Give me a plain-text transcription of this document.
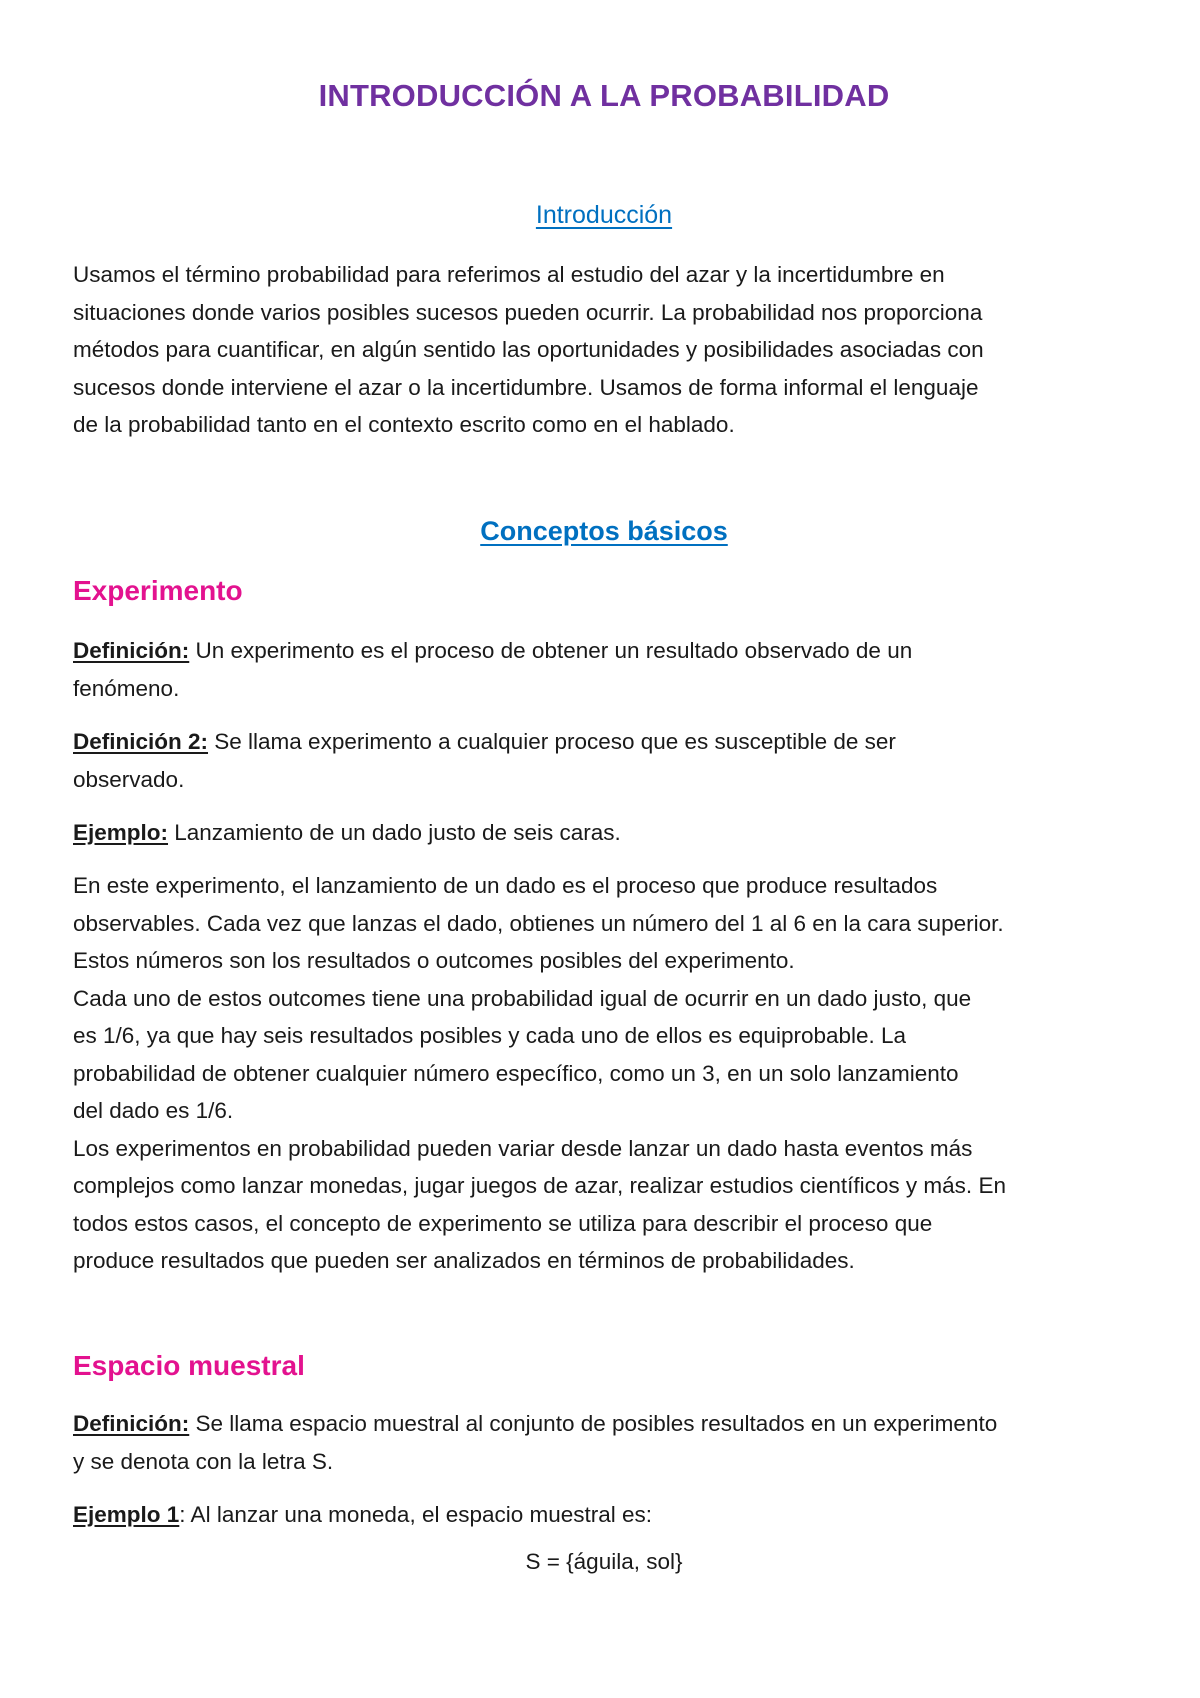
INTRODUCCIÓN A LA PROBABILIDAD
Introducción
Usamos el término probabilidad para referimos al estudio del azar y la incertidumbre en
situaciones donde varios posibles sucesos pueden ocurrir. La probabilidad nos proporciona
métodos para cuantificar, en algún sentido las oportunidades y posibilidades asociadas con
sucesos donde interviene el azar o la incertidumbre. Usamos de forma informal el lenguaje
de la probabilidad tanto en el contexto escrito como en el hablado.
Conceptos básicos
Experimento
Definición: Un experimento es el proceso de obtener un resultado observado de un
fenómeno.
Definición 2: Se llama experimento a cualquier proceso que es susceptible de ser
observado.
Ejemplo: Lanzamiento de un dado justo de seis caras.
En este experimento, el lanzamiento de un dado es el proceso que produce resultados
observables. Cada vez que lanzas el dado, obtienes un número del 1 al 6 en la cara superior.
Estos números son los resultados o outcomes posibles del experimento.
Cada uno de estos outcomes tiene una probabilidad igual de ocurrir en un dado justo, que
es 1/6, ya que hay seis resultados posibles y cada uno de ellos es equiprobable. La
probabilidad de obtener cualquier número específico, como un 3, en un solo lanzamiento
del dado es 1/6.
Los experimentos en probabilidad pueden variar desde lanzar un dado hasta eventos más
complejos como lanzar monedas, jugar juegos de azar, realizar estudios científicos y más. En
todos estos casos, el concepto de experimento se utiliza para describir el proceso que
produce resultados que pueden ser analizados en términos de probabilidades.
Espacio muestral
Definición: Se llama espacio muestral al conjunto de posibles resultados en un experimento
y se denota con la letra S.
Ejemplo 1: Al lanzar una moneda, el espacio muestral es:
S = {águila, sol}
